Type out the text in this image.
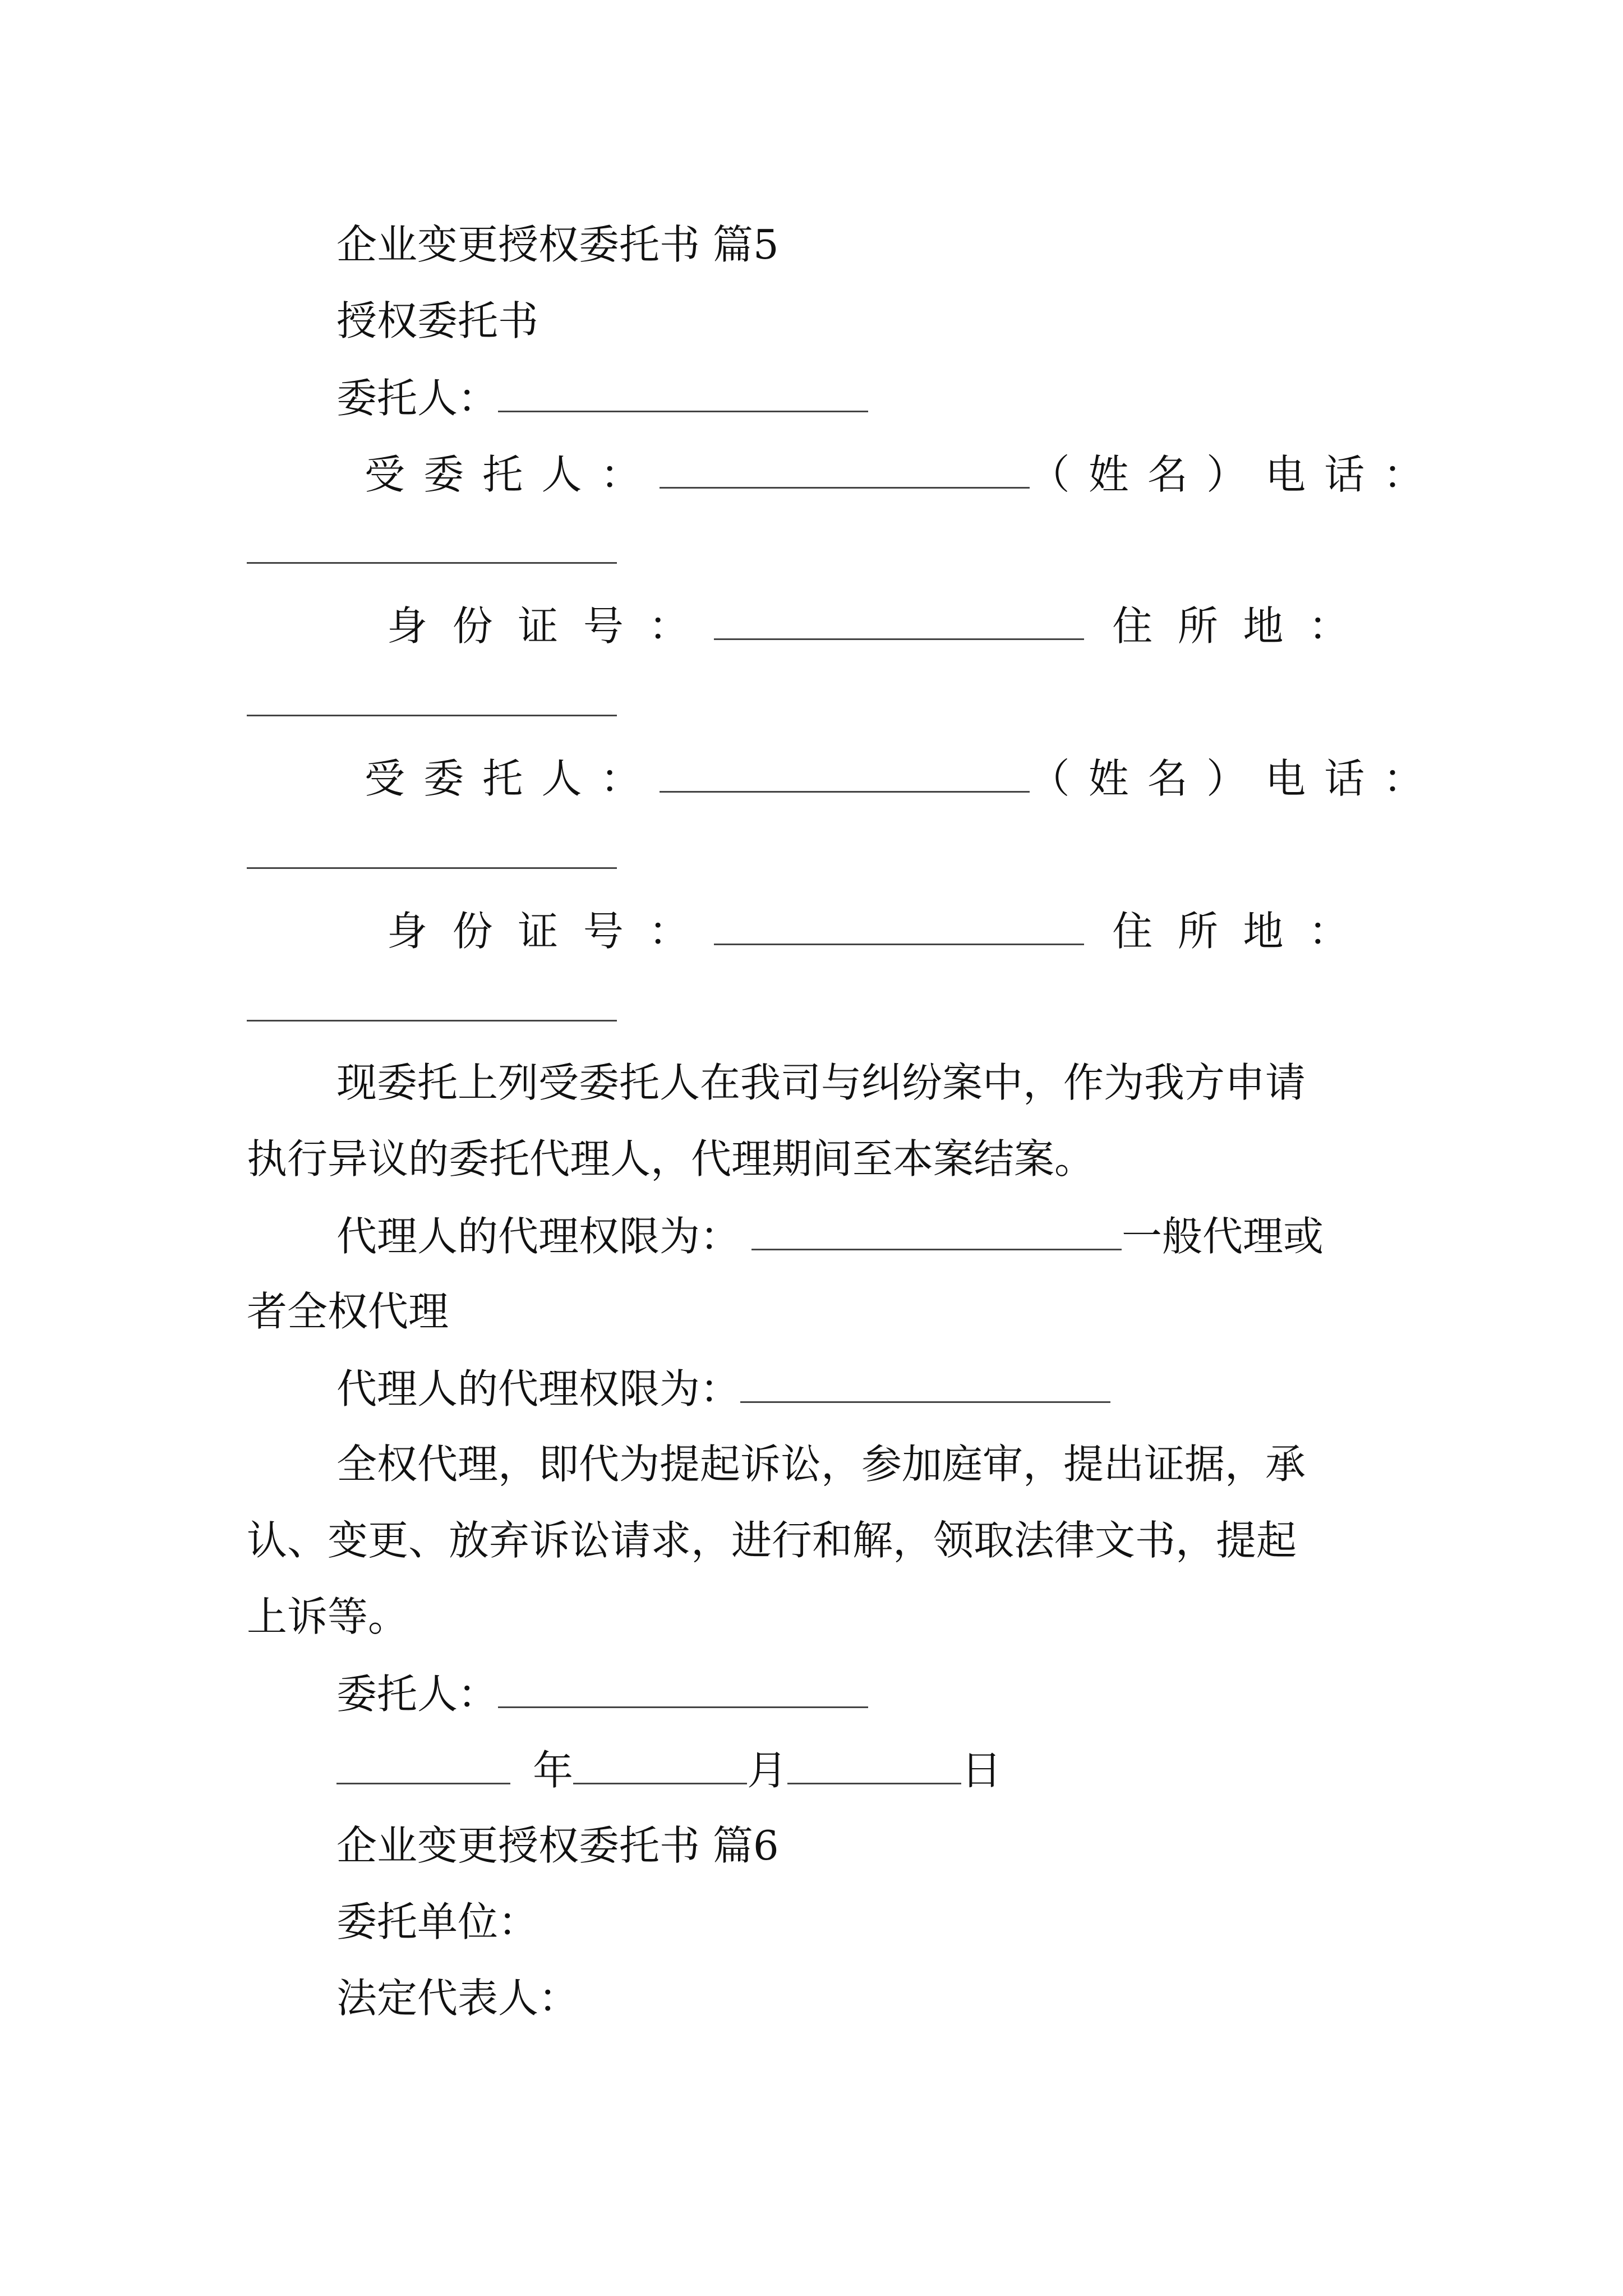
企业变更授权委托书 篇5
授权委托书
委托人：
受委托人：	（姓名）电话：
身份证号：	住所地：
受委托人：	（姓名）电话：
身份证号：	住所地：
现委托上列受委托人在我司与纠纷案中，作为我方申请
执行异议的委托代理人，代理期间至本案结案。
代理人的代理权限为：	一般代理或
者全权代理
代理人的代理权限为：
全权代理，即代为提起诉讼，参加庭审，提出证据，承
认、变更、放弃诉讼请求，进行和解，领取法律文书，提起
上诉等。
委托人：
年	月	日
企业变更授权委托书 篇6
委托单位：
法定代表人：
